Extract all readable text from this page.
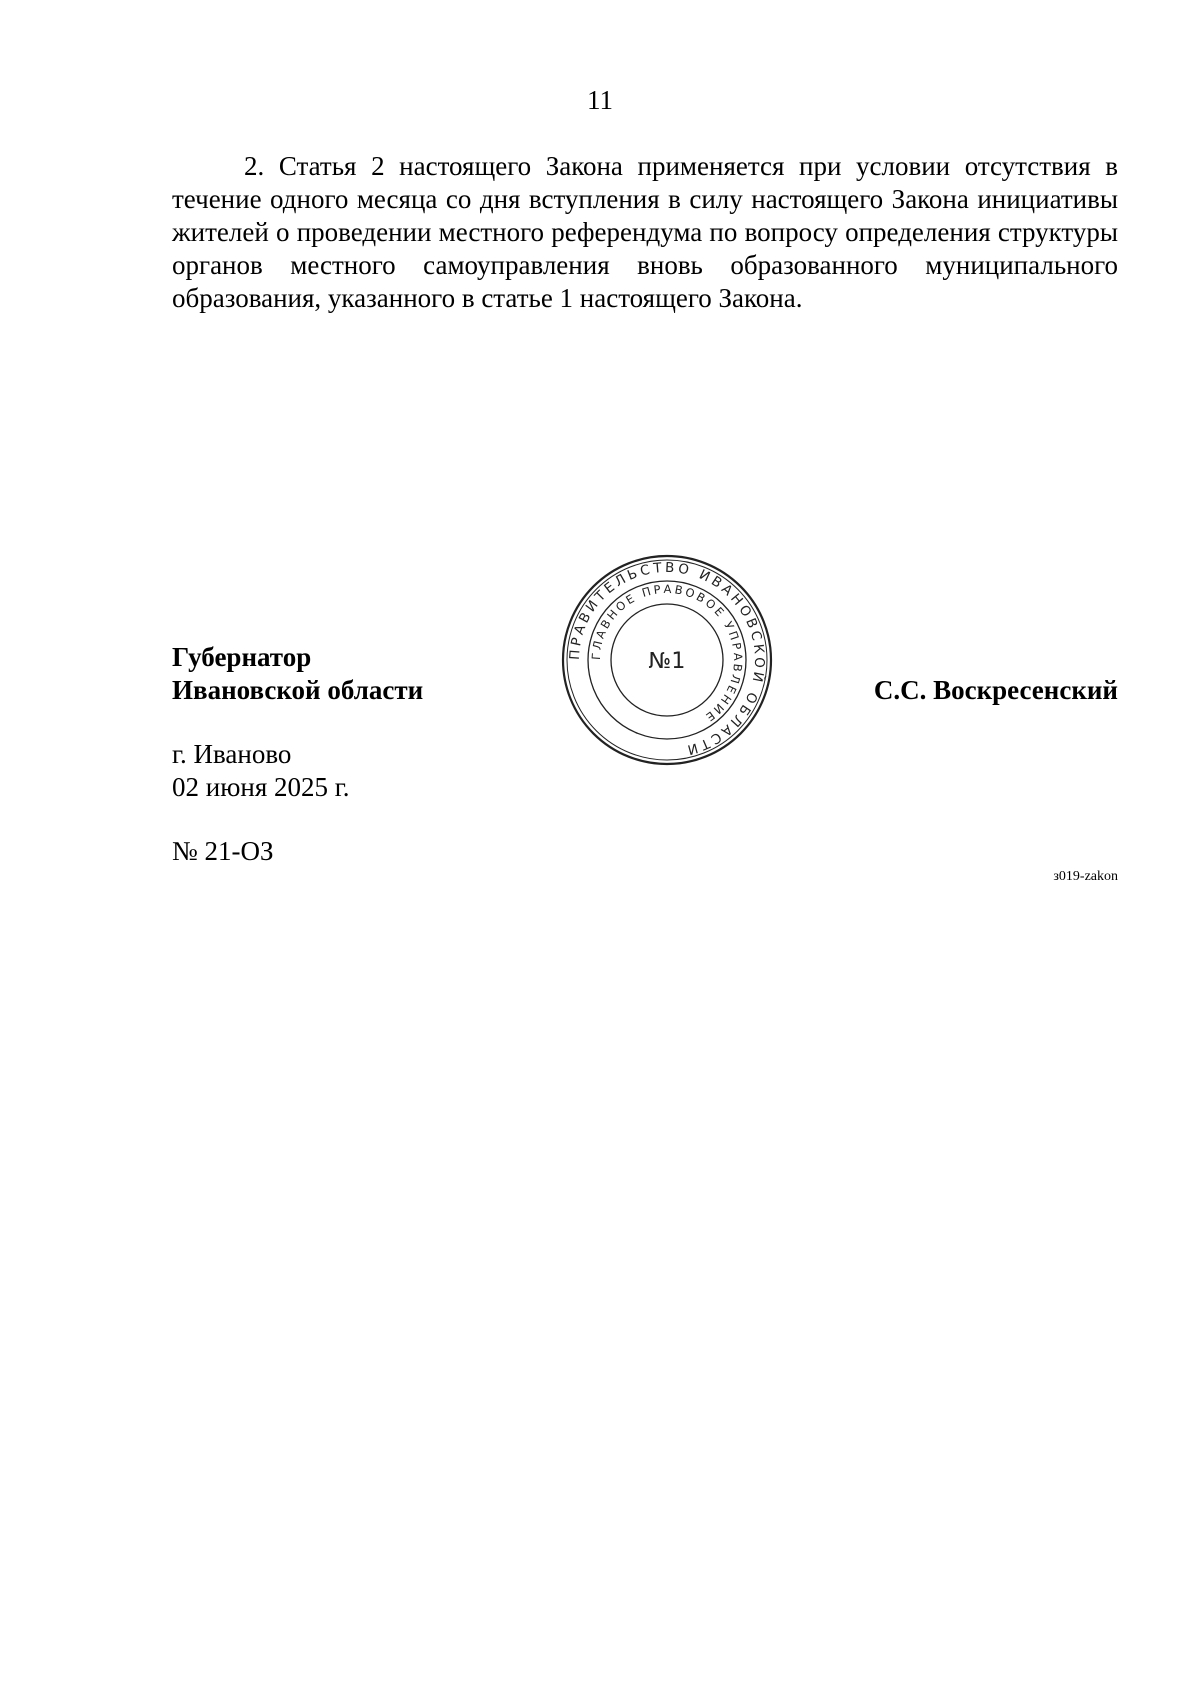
11

2. Статья 2 настоящего Закона применяется при условии отсутствия в течение одного месяца со дня вступления в силу настоящего Закона инициативы жителей о проведении местного референдума по вопросу определения структуры органов местного самоуправления вновь образованного муниципального образования, указанного в статье 1 настоящего Закона.

Губернатор
Ивановской области
ПРАВИТЕЛЬСТВО ИВАНОВСКОЙ ОБЛАСТИ
ГЛАВНОЕ ПРАВОВОЕ УПРАВЛЕНИЕ
№1
С.С. Воскресенский
г. Иваново
02 июня 2025 г.
№ 21-ОЗ
з019-zakon
